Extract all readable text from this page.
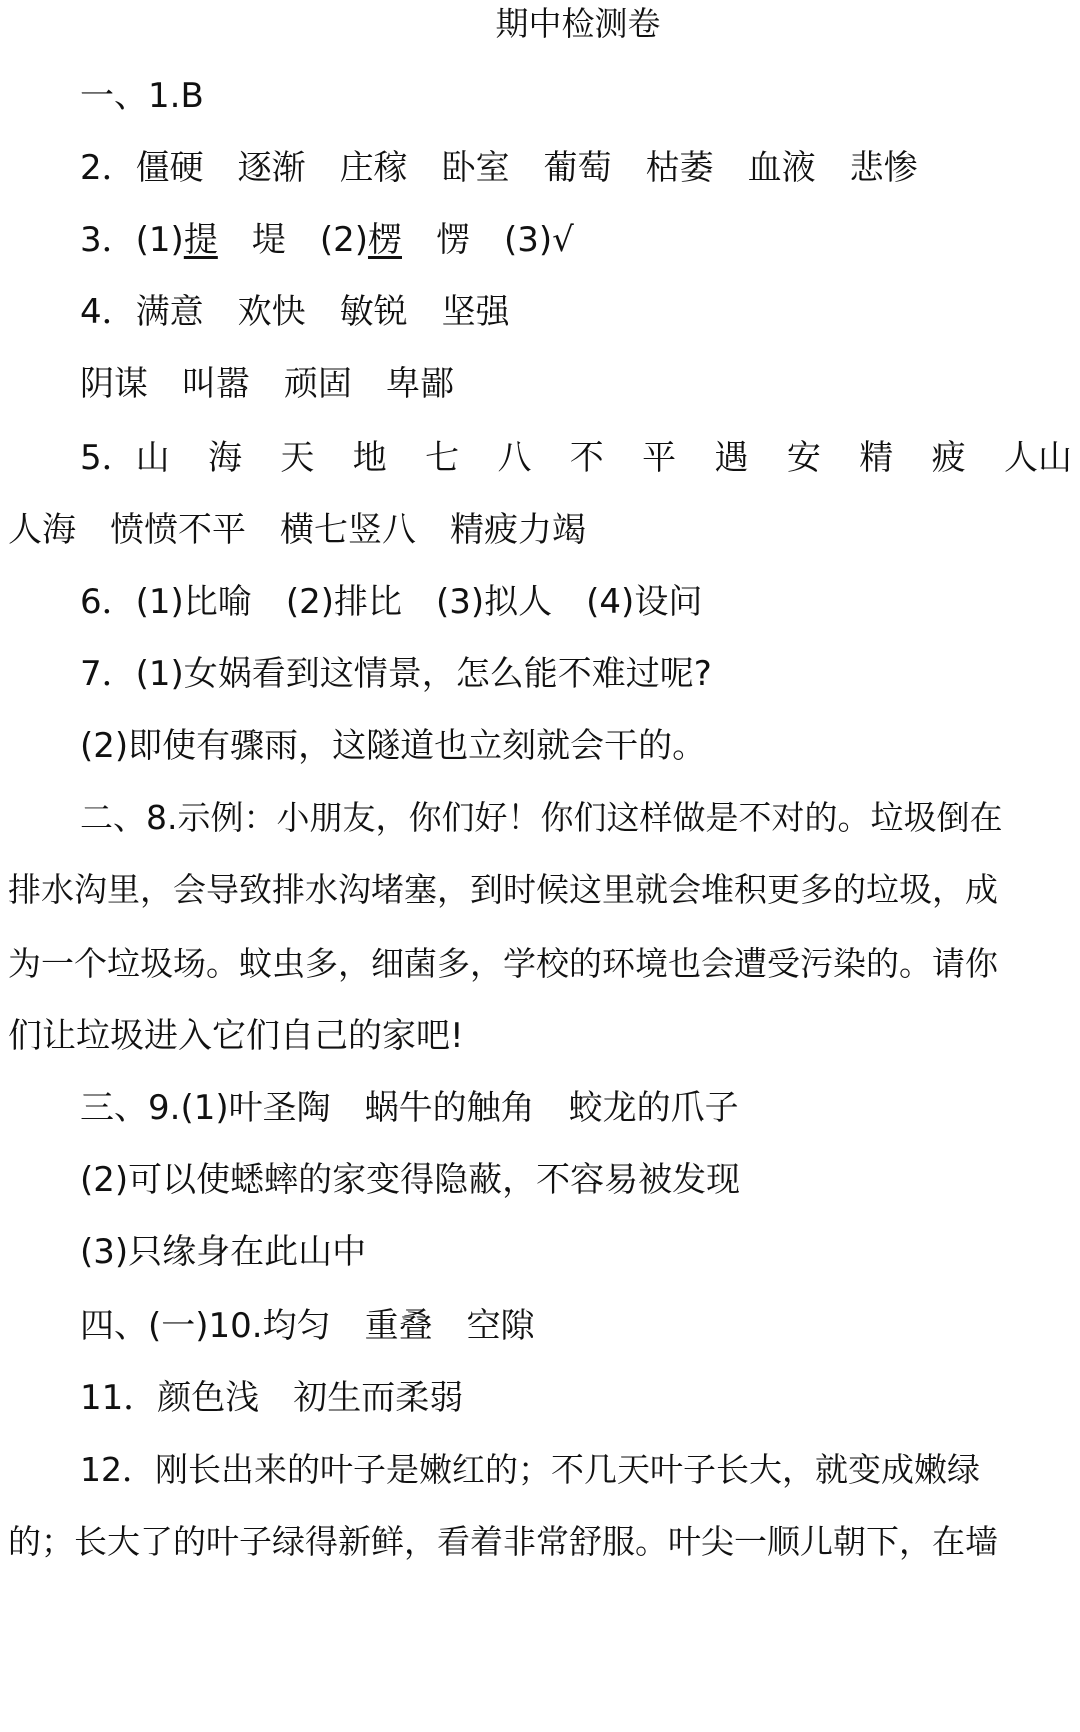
期中检测卷
一、1.B
2．僵硬 逐渐 庄稼 卧室 葡萄 枯萎 血液 悲惨
3．(1)提 堤 (2)楞 愣 (3)√
4．满意 欢快 敏锐 坚强
阴谋 叫嚣 顽固 卑鄙
5．山 海 天 地 七 八 不 平 遇 安 精 疲 人山
人海 愤愤不平 横七竖八 精疲力竭
6．(1)比喻 (2)排比 (3)拟人 (4)设问
7．(1)女娲看到这情景，怎么能不难过呢?
(2)即使有骤雨，这隧道也立刻就会干的。
二、8.示例：小朋友，你们好！你们这样做是不对的。垃圾倒在
排水沟里，会导致排水沟堵塞，到时候这里就会堆积更多的垃圾，成
为一个垃圾场。蚊虫多，细菌多，学校的环境也会遭受污染的。请你
们让垃圾进入它们自己的家吧!
三、9.(1)叶圣陶 蜗牛的触角 蛟龙的爪子
(2)可以使蟋蟀的家变得隐蔽，不容易被发现
(3)只缘身在此山中
四、(一)10.均匀 重叠 空隙
11．颜色浅 初生而柔弱
12．刚长出来的叶子是嫩红的；不几天叶子长大，就变成嫩绿
的；长大了的叶子绿得新鲜，看着非常舒服。叶尖一顺儿朝下，在墙
